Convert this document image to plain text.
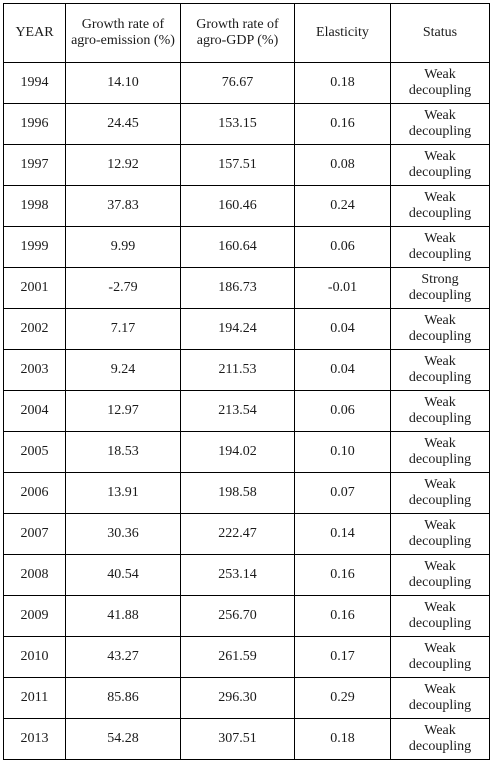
YEAR	Growth rate of agro-emission (%)	Growth rate of agro-GDP (%)	Elasticity	Status
1994	14.10	76.67	0.18	Weak decoupling
1996	24.45	153.15	0.16	Weak decoupling
1997	12.92	157.51	0.08	Weak decoupling
1998	37.83	160.46	0.24	Weak decoupling
1999	9.99	160.64	0.06	Weak decoupling
2001	-2.79	186.73	-0.01	Strong decoupling
2002	7.17	194.24	0.04	Weak decoupling
2003	9.24	211.53	0.04	Weak decoupling
2004	12.97	213.54	0.06	Weak decoupling
2005	18.53	194.02	0.10	Weak decoupling
2006	13.91	198.58	0.07	Weak decoupling
2007	30.36	222.47	0.14	Weak decoupling
2008	40.54	253.14	0.16	Weak decoupling
2009	41.88	256.70	0.16	Weak decoupling
2010	43.27	261.59	0.17	Weak decoupling
2011	85.86	296.30	0.29	Weak decoupling
2013	54.28	307.51	0.18	Weak decoupling
